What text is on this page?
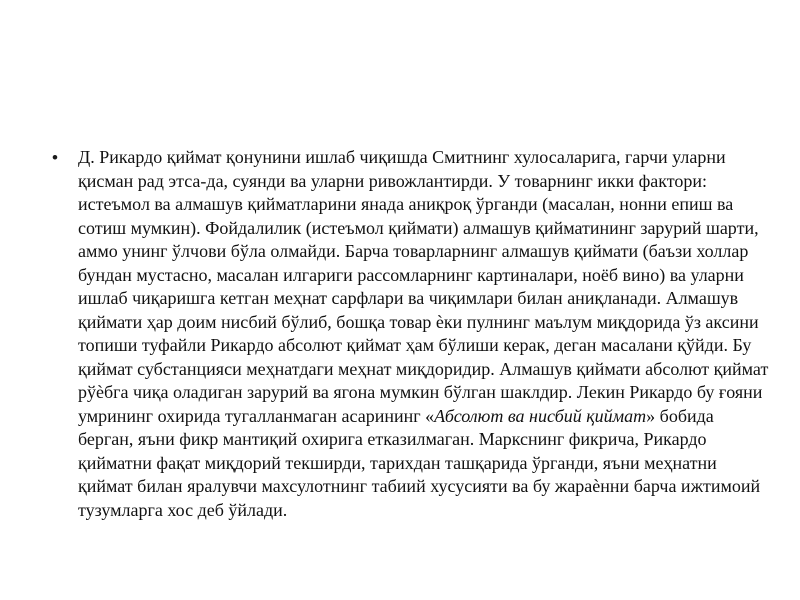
• Д. Рикардо қиймат қонунини ишлаб чиқишда Смитнинг хулосаларига, гарчи уларни қисман рад этса-да, суянди ва уларни ривожлантирди. У товарнинг икки фактори: истеъмол ва алмашув қийматларини янада аниқроқ ўрганди (масалан, нонни епиш ва сотиш мумкин). Фойдалилик (истеъмол қиймати) алмашув қийматининг зарурий шарти, аммо унинг ўлчови бўла олмайди. Барча товарларнинг алмашув қиймати (баъзи холлар бундан мустасно, масалан илгариги рассомларнинг картиналари, ноёб вино) ва уларни ишлаб чиқаришга кетган меҳнат сарфлари ва чиқимлари билан аниқланади. Алмашув қиймати ҳар доим нисбий бўлиб, бошқа товар ѐки пулнинг маълум миқдорида ўз аксини топиши туфайли Рикардо абсолют қиймат ҳам бўлиши керак, деган масалани қўйди. Бу қиймат субстанцияси меҳнатдаги меҳнат миқдоридир. Алмашув қиймати абсолют қиймат рўѐбга чиқа оладиган зарурий ва ягона мумкин бўлган шаклдир. Лекин Рикардо бу ғояни умрининг охирида тугалланмаган асарининг «Абсолют ва нисбий қиймат» бобида берган, яъни фикр мантиқий охирига етказилмаган. Маркснинг фикрича, Рикардо қийматни фақат миқдорий текширди, тарихдан ташқарида ўрганди, яъни меҳнатни қиймат билан яралувчи махсулотнинг табиий хусусияти ва бу жараѐнни барча ижтимоий тузумларга хос деб ўйлади.
